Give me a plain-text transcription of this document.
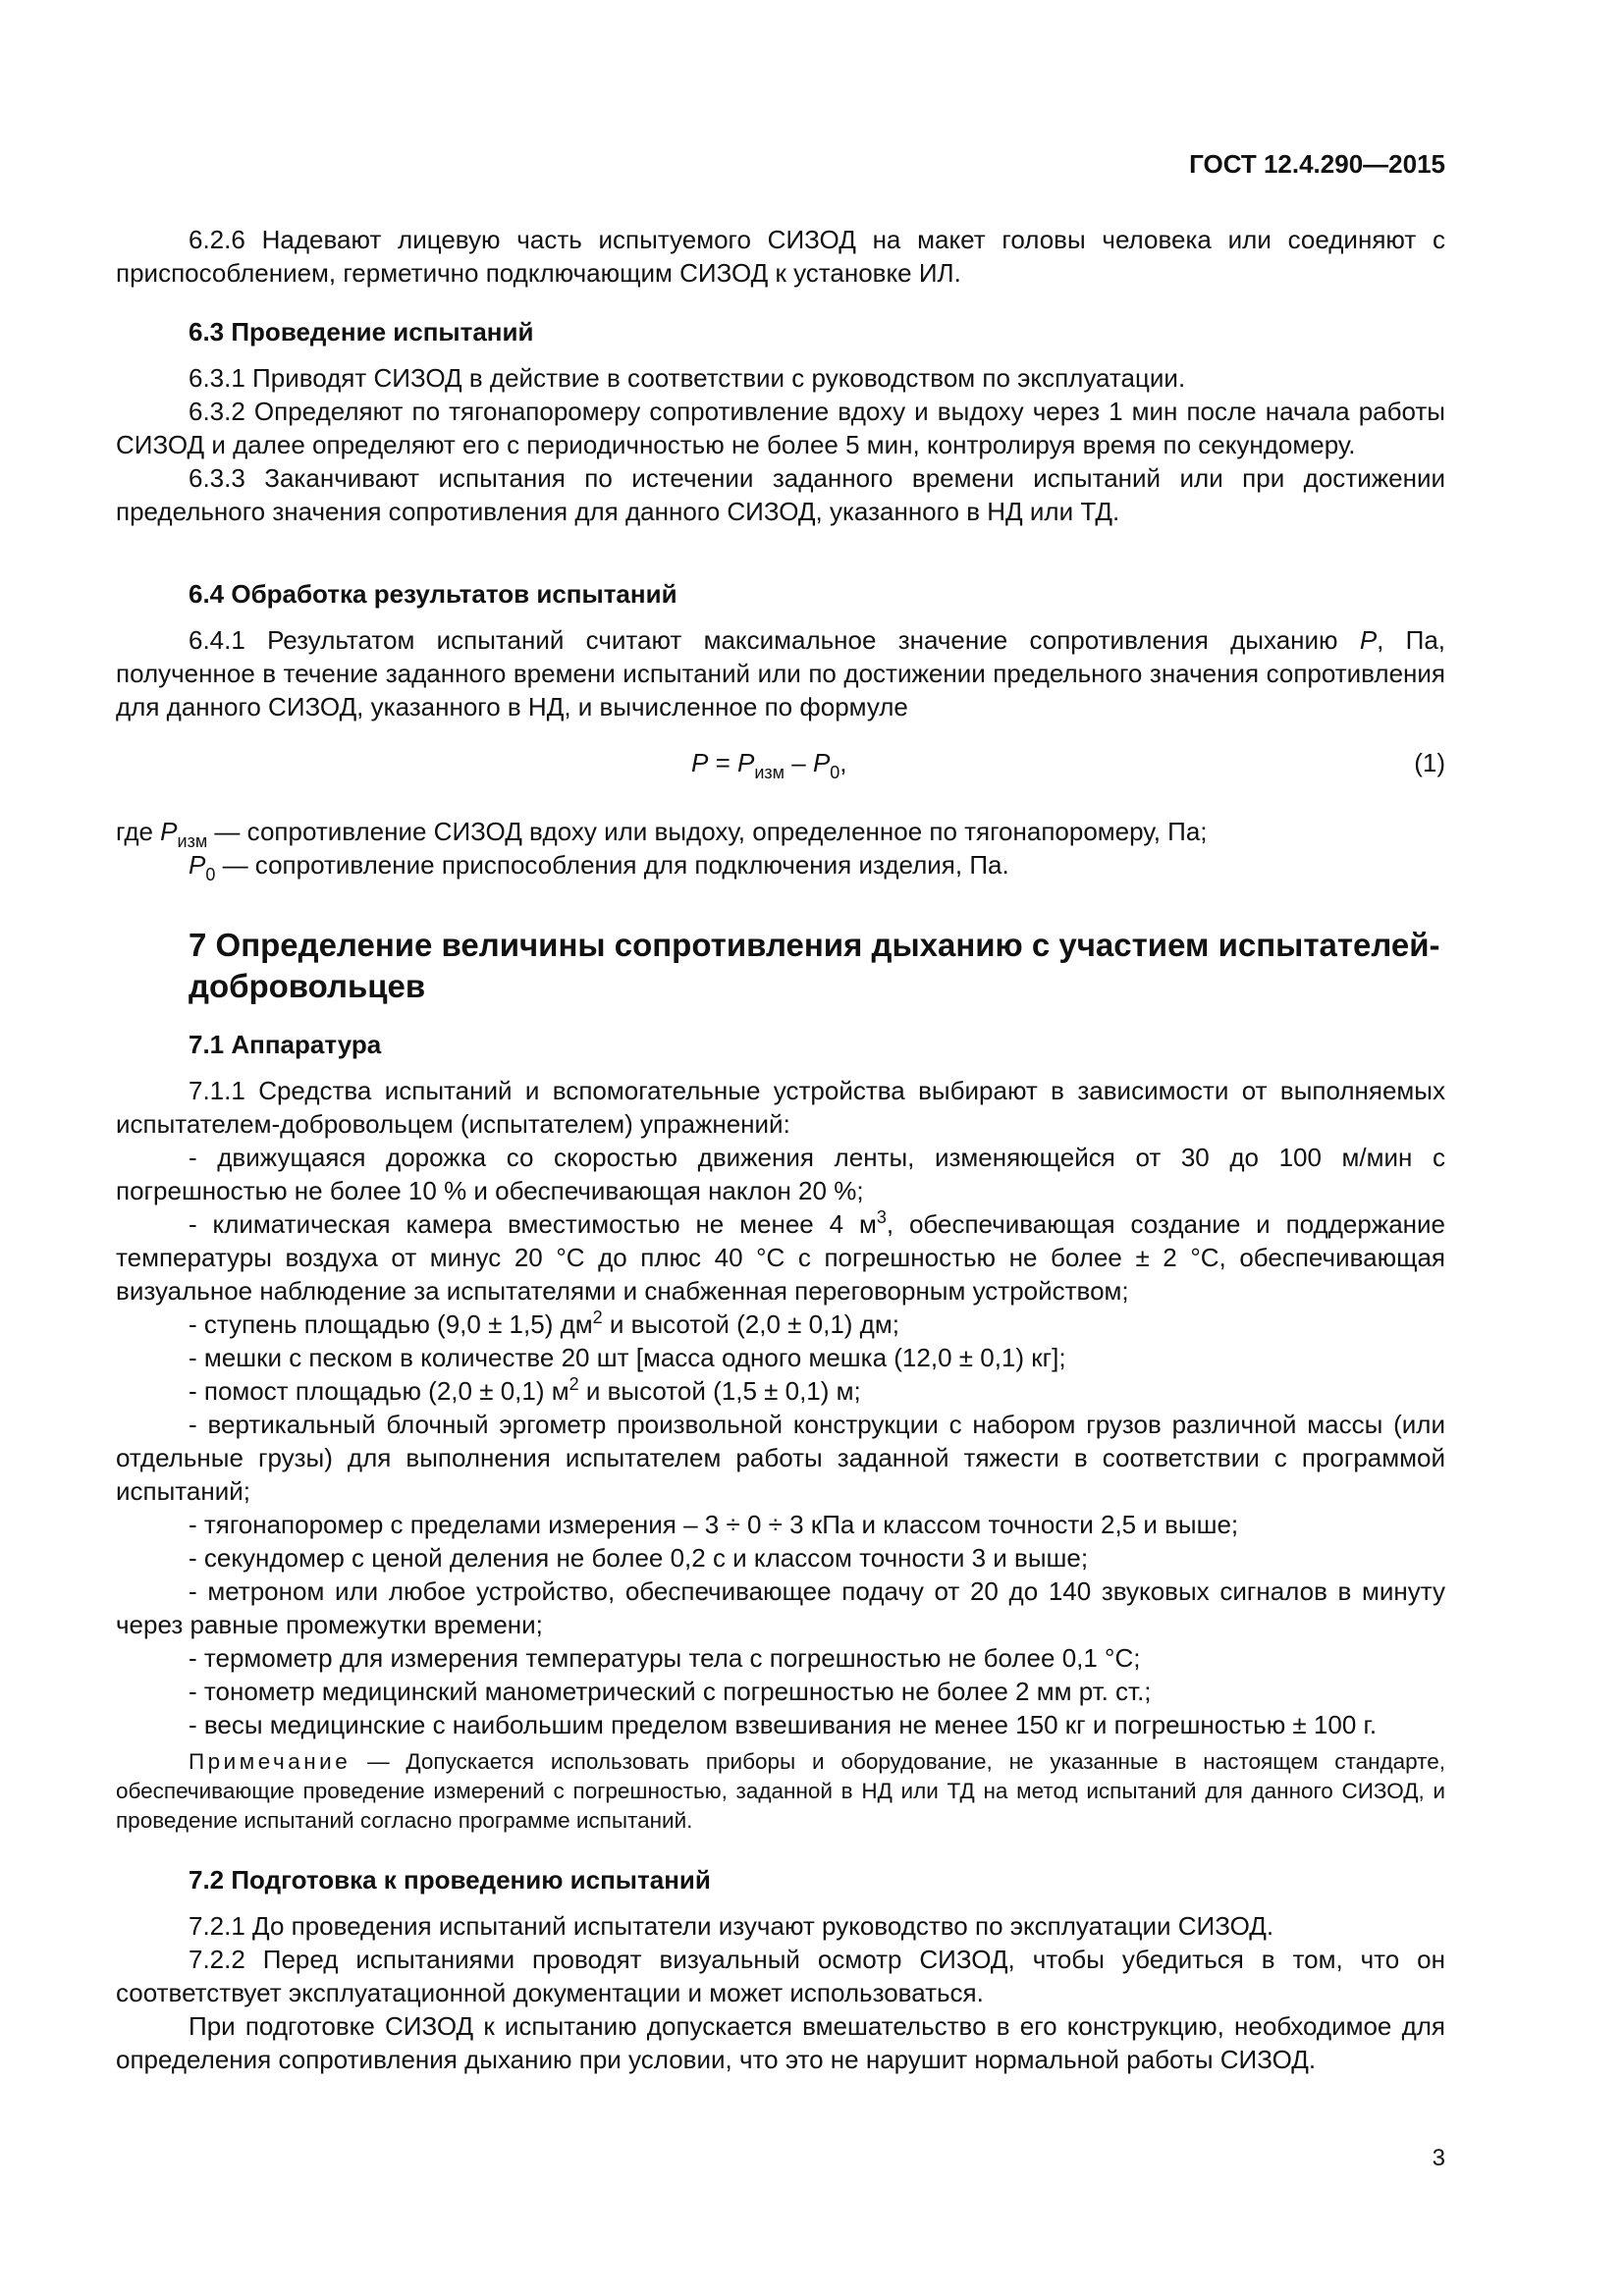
ГОСТ 12.4.290—2015

6.2.6 Надевают лицевую часть испытуемого СИЗОД на макет головы человека или соединяют с приспособлением, герметично подключающим СИЗОД к установке ИЛ.

6.3 Проведение испытаний

6.3.1 Приводят СИЗОД в действие в соответствии с руководством по эксплуатации.

6.3.2 Определяют по тягонапоромеру сопротивление вдоху и выдоху через 1 мин после начала работы СИЗОД и далее определяют его с периодичностью не более 5 мин, контролируя время по секундомеру.

6.3.3 Заканчивают испытания по истечении заданного времени испытаний или при достижении предельного значения сопротивления для данного СИЗОД, указанного в НД или ТД.

6.4 Обработка результатов испытаний

6.4.1 Результатом испытаний считают максимальное значение сопротивления дыханию P, Па, полученное в течение заданного времени испытаний или по достижении предельного значения сопротивления для данного СИЗОД, указанного в НД, и вычисленное по формуле

$P = P_{изм} - P_0$,	(1)

где $P_{изм}$ — сопротивление СИЗОД вдоху или выдоху, определенное по тягонапоромеру, Па;

$P_0$ — сопротивление приспособления для подключения изделия, Па.

7 Определение величины сопротивления дыханию с участием испытателей-добровольцев

7.1 Аппаратура

7.1.1 Средства испытаний и вспомогательные устройства выбирают в зависимости от выполняемых испытателем-добровольцем (испытателем) упражнений:

- движущаяся дорожка со скоростью движения ленты, изменяющейся от 30 до 100 м/мин с погрешностью не более 10 % и обеспечивающая наклон 20 %;

- климатическая камера вместимостью не менее 4 $м^3$, обеспечивающая создание и поддержание температуры воздуха от минус 20 °С до плюс 40 °С с погрешностью не более ± 2 °С, обеспечивающая визуальное наблюдение за испытателями и снабженная переговорным устройством;

- ступень площадью (9,0 ± 1,5) $дм^2$ и высотой (2,0 ± 0,1) дм;

- мешки с песком в количестве 20 шт [масса одного мешка (12,0 ± 0,1) кг];

- помост площадью (2,0 ± 0,1) $м^2$ и высотой (1,5 ± 0,1) м;

- вертикальный блочный эргометр произвольной конструкции с набором грузов различной массы (или отдельные грузы) для выполнения испытателем работы заданной тяжести в соответствии с программой испытаний;

- тягонапоромер с пределами измерения – 3 ÷ 0 ÷ 3 кПа и классом точности 2,5 и выше;

- секундомер с ценой деления не более 0,2 с и классом точности 3 и выше;

- метроном или любое устройство, обеспечивающее подачу от 20 до 140 звуковых сигналов в минуту через равные промежутки времени;

- термометр для измерения температуры тела с погрешностью не более 0,1 °С;

- тонометр медицинский манометрический с погрешностью не более 2 мм рт. ст.;

- весы медицинские с наибольшим пределом взвешивания не менее 150 кг и погрешностью ± 100 г.

Примечание — Допускается использовать приборы и оборудование, не указанные в настоящем стандарте, обеспечивающие проведение измерений с погрешностью, заданной в НД или ТД на метод испытаний для данного СИЗОД, и проведение испытаний согласно программе испытаний.

7.2 Подготовка к проведению испытаний

7.2.1 До проведения испытаний испытатели изучают руководство по эксплуатации СИЗОД.

7.2.2 Перед испытаниями проводят визуальный осмотр СИЗОД, чтобы убедиться в том, что он соответствует эксплуатационной документации и может использоваться.

При подготовке СИЗОД к испытанию допускается вмешательство в его конструкцию, необходимое для определения сопротивления дыханию при условии, что это не нарушит нормальной работы СИЗОД.

3
